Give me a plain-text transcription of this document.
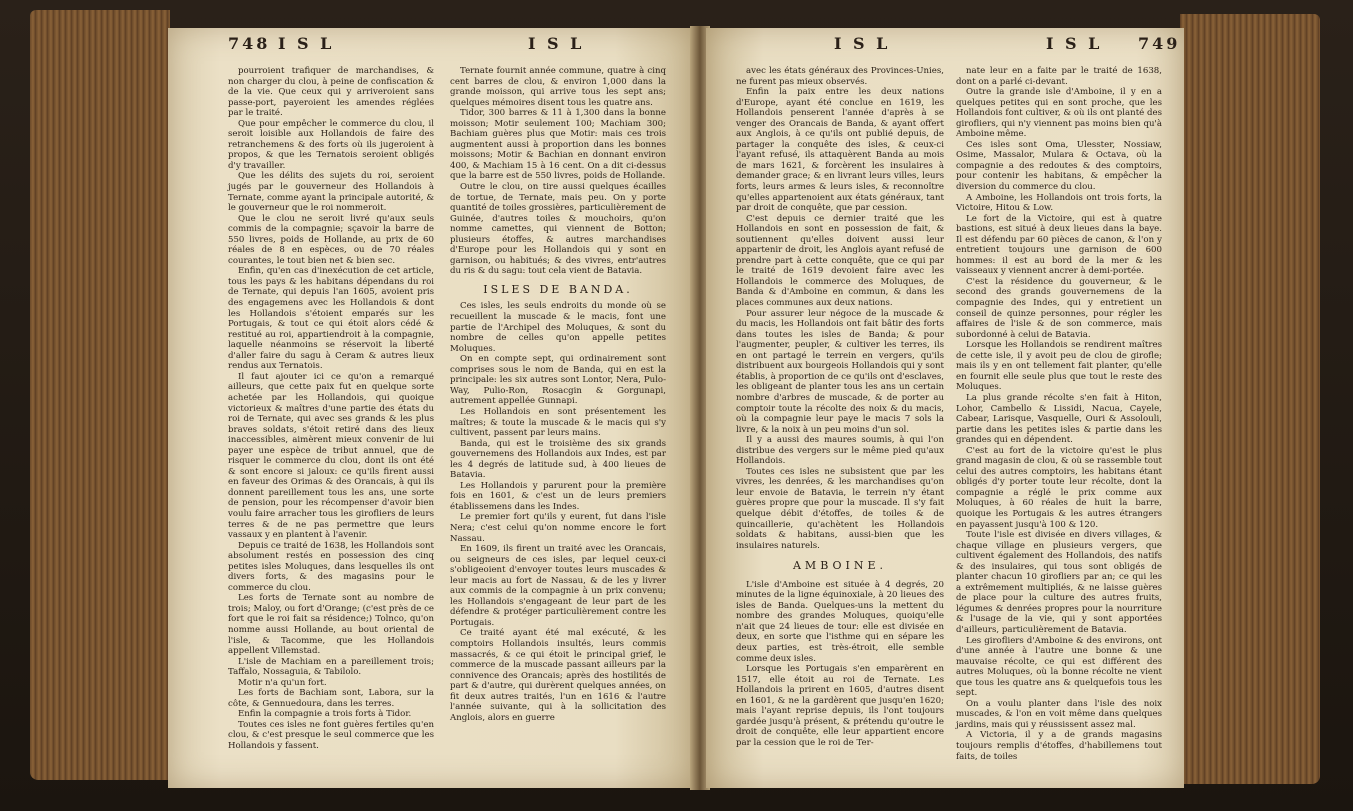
748 I S L	I S L

pourroient trafiquer de marchandises, & non charger du clou, à peine de confiscation & de la vie. Que ceux qui y arriveroient sans passe-port, payeroient les amendes réglées par le traité.

Que pour empêcher le commerce du clou, il seroit loisible aux Hollandois de faire des retranchemens & des forts où ils jugeroient à propos, & que les Ternatois seroient obligés d'y travailler.

Que les délits des sujets du roi, seroient jugés par le gouverneur des Hollandois à Ternate, comme ayant la principale autorité, & le gouverneur que le roi nommeroit.

Que le clou ne seroit livré qu'aux seuls commis de la compagnie; sçavoir la barre de 550 livres, poids de Hollande, au prix de 60 réales de 8 en espèces, ou de 70 réales courantes, le tout bien net & bien sec.

Enfin, qu'en cas d'inexécution de cet article, tous les pays & les habitans dépendans du roi de Ternate, qui depuis l'an 1605, avoient pris des engagemens avec les Hollandois & dont les Hollandois s'étoient emparés sur les Portugais, & tout ce qui étoit alors cédé & restitué au roi, appartiendroit à la compagnie, laquelle néanmoins se réservoit la liberté d'aller faire du sagu à Ceram & autres lieux rendus aux Ternatois.

Il faut ajouter ici ce qu'on a remarqué ailleurs, que cette paix fut en quelque sorte achetée par les Hollandois, qui quoique victorieux & maîtres d'une partie des états du roi de Ternate, qui avec ses grands & les plus braves soldats, s'étoit retiré dans des lieux inaccessibles, aimèrent mieux convenir de lui payer une espèce de tribut annuel, que de risquer le commerce du clou, dont ils ont été & sont encore si jaloux: ce qu'ils firent aussi en faveur des Orimas & des Orancais, à qui ils donnent pareillement tous les ans, une sorte de pension, pour les récompenser d'avoir bien voulu faire arracher tous les girofliers de leurs terres & de ne pas permettre que leurs vassaux y en plantent à l'avenir.

Depuis ce traité de 1638, les Hollandois sont absolument restés en possession des cinq petites isles Moluques, dans lesquelles ils ont divers forts, & des magasins pour le commerce du clou.

Les forts de Ternate sont au nombre de trois; Maloy, ou fort d'Orange; (c'est près de ce fort que le roi fait sa résidence;) Tolnco, qu'on nomme aussi Hollande, au bout oriental de l'isle, & Tacomme, que les Hollandois appellent Villemstad.

L'isle de Machiam en a pareillement trois; Taffalo, Nossaguia, & Tabilolo.

Motir n'a qu'un fort.

Les forts de Bachiam sont, Labora, sur la côte, & Gennuedoura, dans les terres.

Enfin la compagnie a trois forts à Tidor.

Toutes ces isles ne font guères fertiles qu'en clou, & c'est presque le seul commerce que les Hollandois y fassent.

Ternate fournit année commune, quatre à cinq cent barres de clou, & environ 1,000 dans la grande moisson, qui arrive tous les sept ans; quelques mémoires disent tous les quatre ans.

Tidor, 300 barres & 11 à 1,300 dans la bonne moisson; Motir seulement 100; Machiam 300; Bachiam guères plus que Motir: mais ces trois augmentent aussi à proportion dans les bonnes moissons; Motir & Bachian en donnant environ 400, & Machiam 15 à 16 cent. On a dit ci-dessus que la barre est de 550 livres, poids de Hollande.

Outre le clou, on tire aussi quelques écailles de tortue, de Ternate, mais peu. On y porte quantité de toiles grossières, particulièrement de Guinée, d'autres toiles & mouchoirs, qu'on nomme camettes, qui viennent de Botton; plusieurs étoffes, & autres marchandises d'Europe pour les Hollandois qui y sont en garnison, ou habitués; & des vivres, entr'autres du ris & du sagu: tout cela vient de Batavia.

ISLES DE BANDA.

Ces isles, les seuls endroits du monde où se recueillent la muscade & le macis, font une partie de l'Archipel des Moluques, & sont du nombre de celles qu'on appelle petites Moluques.

On en compte sept, qui ordinairement sont comprises sous le nom de Banda, qui en est la principale: les six autres sont Lontor, Nera, Pulo-Way, Pulio-Ron, Rosacgin & Gorgunapi, autrement appellée Gunnapi.

Les Hollandois en sont présentement les maîtres; & toute la muscade & le macis qui s'y cultivent, passent par leurs mains.

Banda, qui est le troisième des six grands gouvernemens des Hollandois aux Indes, est par les 4 degrés de latitude sud, à 400 lieues de Batavia.

Les Hollandois y parurent pour la première fois en 1601, & c'est un de leurs premiers établissemens dans les Indes.

Le premier fort qu'ils y eurent, fut dans l'isle Nera; c'est celui qu'on nomme encore le fort Nassau.

En 1609, ils firent un traité avec les Orancais, ou seigneurs de ces isles, par lequel ceux-ci s'obligeoient d'envoyer toutes leurs muscades & leur macis au fort de Nassau, & de les y livrer aux commis de la compagnie à un prix convenu; les Hollandois s'engageant de leur part de les défendre & protéger particulièrement contre les Portugais.

Ce traité ayant été mal exécuté, & les comptoirs Hollandois insultés, leurs commis massacrés, & ce qui étoit le principal grief, le commerce de la muscade passant ailleurs par la connivence des Orancais; après des hostilités de part & d'autre, qui durèrent quelques années, on fit deux autres traités, l'un en 1616 & l'autre l'année suivante, qui à la sollicitation des Anglois, alors en guerre

I S L	I S L 749

avec les états généraux des Provinces-Unies, ne furent pas mieux observés.

Enfin la paix entre les deux nations d'Europe, ayant été conclue en 1619, les Hollandois penserent l'année d'après à se venger des Orancais de Banda, & ayant offert aux Anglois, à ce qu'ils ont publié depuis, de partager la conquête des isles, & ceux-ci l'ayant refusé, ils attaquèrent Banda au mois de mars 1621, & forcèrent les insulaires à demander grace; & en livrant leurs villes, leurs forts, leurs armes & leurs isles, & reconnoître qu'elles appartenoient aux états généraux, tant par droit de conquête, que par cession.

C'est depuis ce dernier traité que les Hollandois en sont en possession de fait, & soutiennent qu'elles doivent aussi leur appartenir de droit, les Anglois ayant refusé de prendre part à cette conquête, que ce qui par le traité de 1619 devoient faire avec les Hollandois le commerce des Moluques, de Banda & d'Amboine en commun, & dans les places communes aux deux nations.

Pour assurer leur négoce de la muscade & du macis, les Hollandois ont fait bâtir des forts dans toutes les isles de Banda; & pour l'augmenter, peupler, & cultiver les terres, ils en ont partagé le terrein en vergers, qu'ils distribuent aux bourgeois Hollandois qui y sont établis, à proportion de ce qu'ils ont d'esclaves, les obligeant de planter tous les ans un certain nombre d'arbres de muscade, & de porter au comptoir toute la récolte des noix & du macis, où la compagnie leur paye le macis 7 sols la livre, & la noix à un peu moins d'un sol.

Il y a aussi des maures soumis, à qui l'on distribue des vergers sur le même pied qu'aux Hollandois.

Toutes ces isles ne subsistent que par les vivres, les denrées, & les marchandises qu'on leur envoie de Batavia, le terrein n'y étant guères propre que pour la muscade. Il s'y fait quelque débit d'étoffes, de toiles & de quincaillerie, qu'achètent les Hollandois soldats & habitans, aussi-bien que les insulaires naturels.

AMBOINE.

L'isle d'Amboine est située à 4 degrés, 20 minutes de la ligne équinoxiale, à 20 lieues des isles de Banda. Quelques-uns la mettent du nombre des grandes Moluques, quoiqu'elle n'ait que 24 lieues de tour: elle est divisée en deux, en sorte que l'isthme qui en sépare les deux parties, est très-étroit, elle semble comme deux isles.

Lorsque les Portugais s'en emparèrent en 1517, elle étoit au roi de Ternate. Les Hollandois la prirent en 1605, d'autres disent en 1601, & ne la gardèrent que jusqu'en 1620; mais l'ayant reprise depuis, ils l'ont toujours gardée jusqu'à présent, & prétendu qu'outre le droit de conquête, elle leur appartient encore par la cession que le roi de Ter-

nate leur en a faite par le traité de 1638, dont on a parlé ci-devant.

Outre la grande isle d'Amboine, il y en a quelques petites qui en sont proche, que les Hollandois font cultiver, & où ils ont planté des girofliers, qui n'y viennent pas moins bien qu'à Amboine même.

Ces isles sont Oma, Ulesster, Nossiaw, Osime, Massalor, Mulara & Octava, où la compagnie a des redoutes & des comptoirs, pour contenir les habitans, & empêcher la diversion du commerce du clou.

A Amboine, les Hollandois ont trois forts, la Victoire, Hitou & Low.

Le fort de la Victoire, qui est à quatre bastions, est situé à deux lieues dans la baye. Il est défendu par 60 pièces de canon, & l'on y entretient toujours une garnison de 600 hommes: il est au bord de la mer & les vaisseaux y viennent ancrer à demi-portée.

C'est la résidence du gouverneur, & le second des grands gouvernemens de la compagnie des Indes, qui y entretient un conseil de quinze personnes, pour régler les affaires de l'isle & de son commerce, mais subordonné à celui de Batavia.

Lorsque les Hollandois se rendirent maîtres de cette isle, il y avoit peu de clou de girofle; mais ils y en ont tellement fait planter, qu'elle en fournit elle seule plus que tout le reste des Moluques.

La plus grande récolte s'en fait à Hiton, Lohor, Cambello & Lissidi, Nacua, Cayele, Cabear, Larisque, Vasquelle, Ouri & Assolouli, partie dans les petites isles & partie dans les grandes qui en dépendent.

C'est au fort de la victoire qu'est le plus grand magasin de clou, & où se rassemble tout celui des autres comptoirs, les habitans étant obligés d'y porter toute leur récolte, dont la compagnie a réglé le prix comme aux Moluques, à 60 réales de huit la barre, quoique les Portugais & les autres étrangers en payassent jusqu'à 100 & 120.

Toute l'isle est divisée en divers villages, & chaque village en plusieurs vergers, que cultivent également des Hollandois, des natifs & des insulaires, qui tous sont obligés de planter chacun 10 girofliers par an; ce qui les a extrêmement multipliés, & ne laisse guères de place pour la culture des autres fruits, légumes & denrées propres pour la nourriture & l'usage de la vie, qui y sont apportées d'ailleurs, particulièrement de Batavia.

Les girofliers d'Amboine & des environs, ont d'une année à l'autre une bonne & une mauvaise récolte, ce qui est différent des autres Moluques, où la bonne récolte ne vient que tous les quatre ans & quelquefois tous les sept.

On a voulu planter dans l'isle des noix muscades, & l'on en voit même dans quelques jardins, mais qui y réussissent assez mal.

A Victoria, il y a de grands magasins toujours remplis d'étoffes, d'habillemens tout faits, de toiles
